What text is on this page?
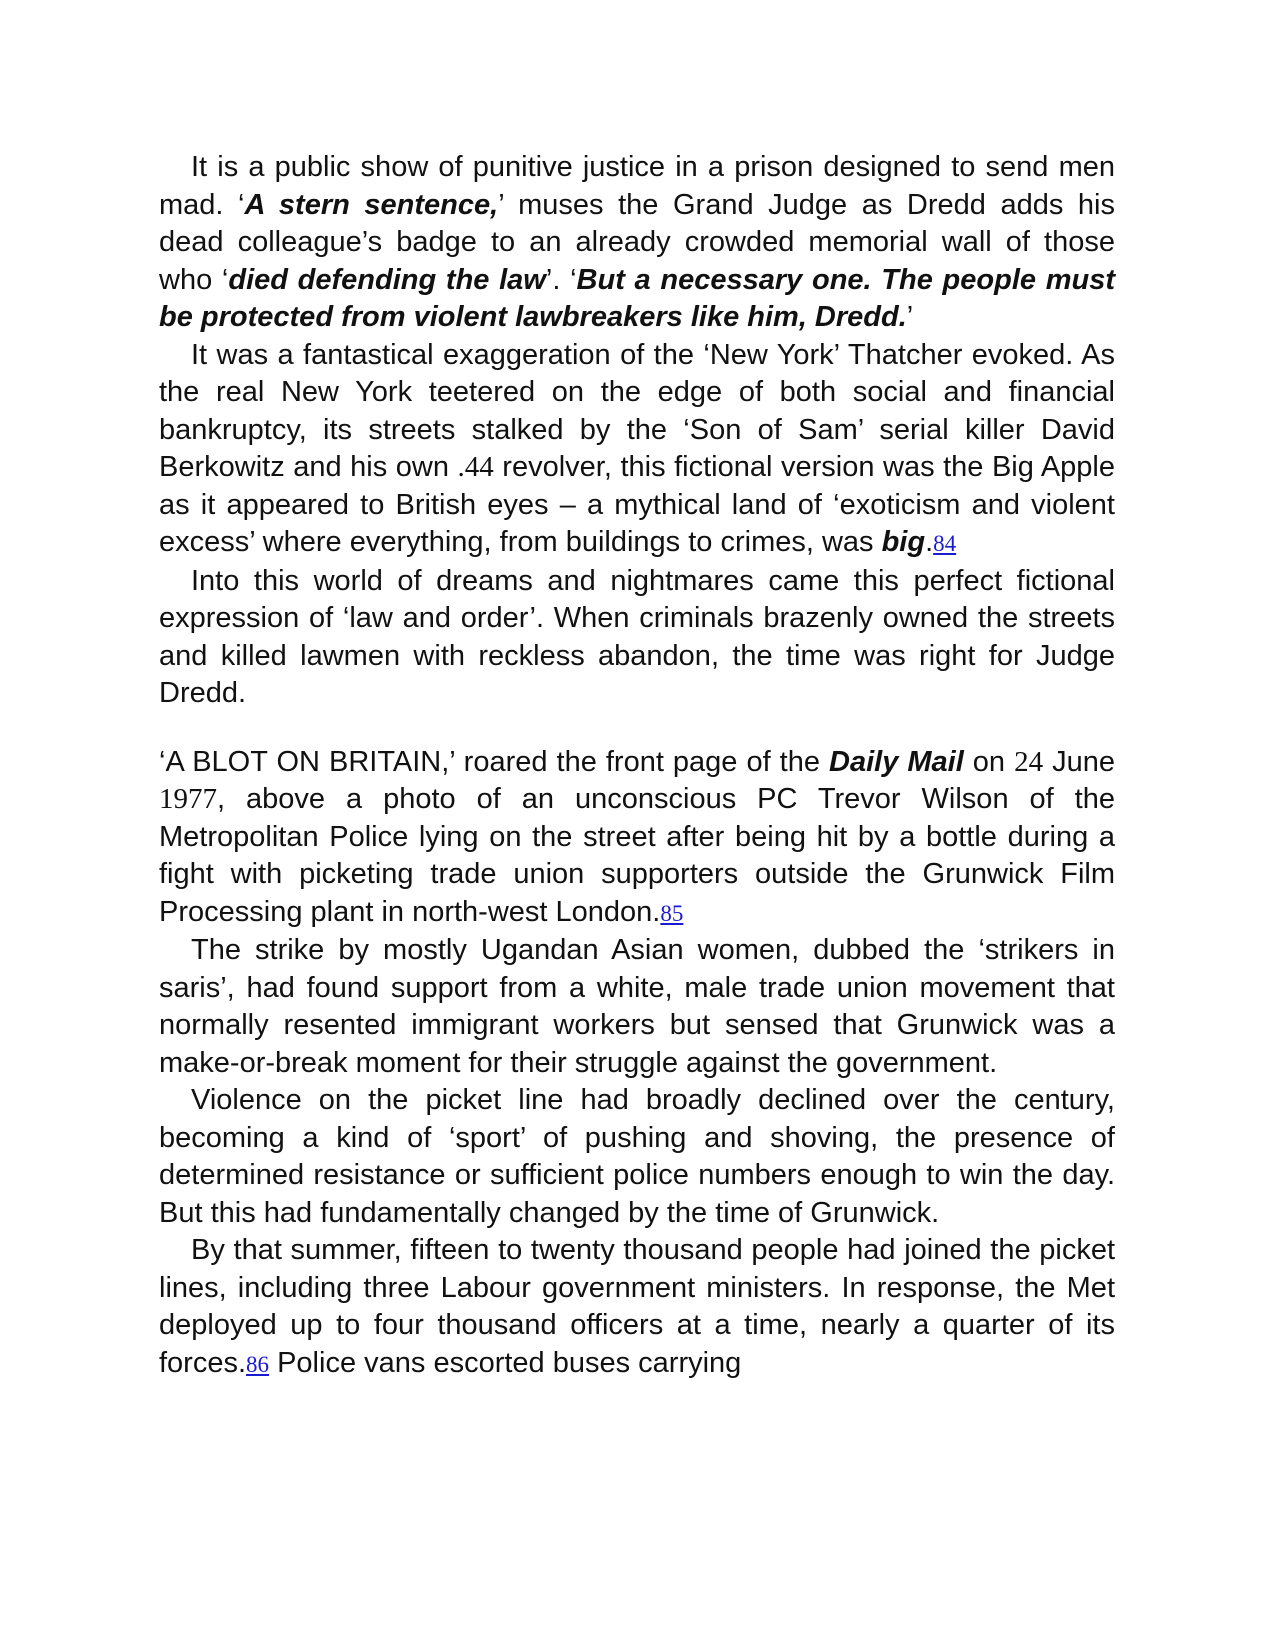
It is a public show of punitive justice in a prison designed to send men mad. ‘A stern sentence,’ muses the Grand Judge as Dredd adds his dead colleague’s badge to an already crowded memorial wall of those who ‘died defending the law’. ‘But a necessary one. The people must be protected from violent lawbreakers like him, Dredd.’

It was a fantastical exaggeration of the ‘New York’ Thatcher evoked. As the real New York teetered on the edge of both social and financial bankruptcy, its streets stalked by the ‘Son of Sam’ serial killer David Berkowitz and his own .44 revolver, this fictional version was the Big Apple as it appeared to British eyes – a mythical land of ‘exoticism and violent excess’ where everything, from buildings to crimes, was big.84

Into this world of dreams and nightmares came this perfect fictional expression of ‘law and order’. When criminals brazenly owned the streets and killed lawmen with reckless abandon, the time was right for Judge Dredd.

‘A BLOT ON BRITAIN,’ roared the front page of the Daily Mail on 24 June 1977, above a photo of an unconscious PC Trevor Wilson of the Metropolitan Police lying on the street after being hit by a bottle during a fight with picketing trade union supporters outside the Grunwick Film Processing plant in north-west London.85

The strike by mostly Ugandan Asian women, dubbed the ‘strikers in saris’, had found support from a white, male trade union movement that normally resented immigrant workers but sensed that Grunwick was a make-or-break moment for their struggle against the government.

Violence on the picket line had broadly declined over the century, becoming a kind of ‘sport’ of pushing and shoving, the presence of determined resistance or sufficient police numbers enough to win the day. But this had fundamentally changed by the time of Grunwick.

By that summer, fifteen to twenty thousand people had joined the picket lines, including three Labour government ministers. In response, the Met deployed up to four thousand officers at a time, nearly a quarter of its forces.86 Police vans escorted buses carrying
